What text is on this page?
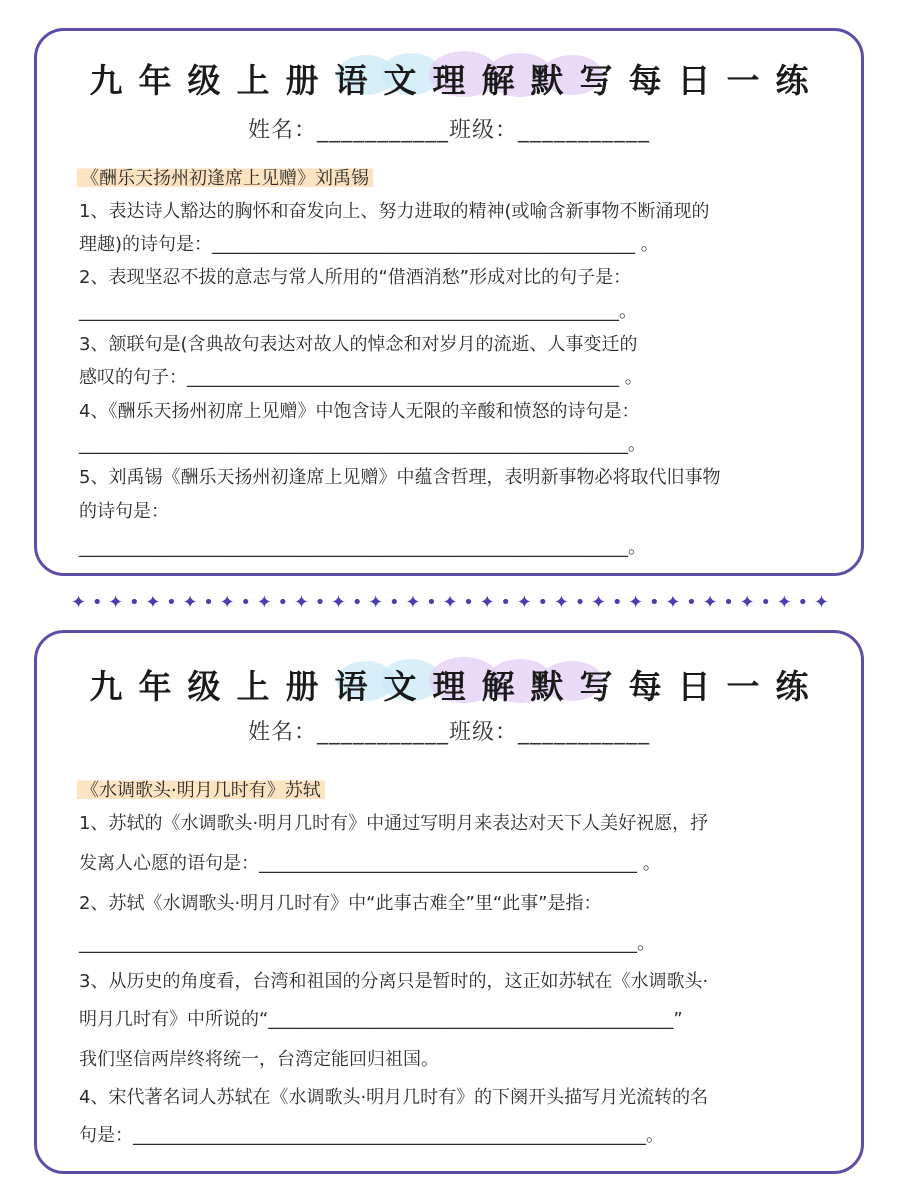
九年级上册语文理解默写每日一练
姓名：___________班级：___________
《酬乐天扬州初逢席上见赠》刘禹锡
1、表达诗人豁达的胸怀和奋发向上、努力进取的精神(或喻含新事物不断涌现的
理趣)的诗句是：_______________________________________________ 。
2、表现坚忍不拔的意志与常人所用的“借酒消愁”形成对比的句子是：
____________________________________________________________。
3、颔联句是(含典故句表达对故人的悼念和对岁月的流逝、人事变迁的
感叹的句子：________________________________________________ 。
4、《酬乐天扬州初席上见赠》中饱含诗人无限的辛酸和愤怒的诗句是：
_____________________________________________________________。
5、刘禹锡《酬乐天扬州初逢席上见赠》中蕴含哲理，表明新事物必将取代旧事物
的诗句是：
_____________________________________________________________。
✦ • ✦ • ✦ • ✦ • ✦ • ✦ • ✦ • ✦ • ✦ • ✦ • ✦ • ✦ • ✦ • ✦ • ✦ • ✦ • ✦ • ✦ • ✦ • ✦ • ✦
九年级上册语文理解默写每日一练
姓名：___________班级：___________
《水调歌头·明月几时有》苏轼
1、苏轼的《水调歌头·明月几时有》中通过写明月来表达对天下人美好祝愿，抒
发离人心愿的语句是：__________________________________________ 。
2、苏轼《水调歌头·明月几时有》中“此事古难全”里“此事”是指：
______________________________________________________________。
3、从历史的角度看，台湾和祖国的分离只是暂时的，这正如苏轼在《水调歌头·
明月几时有》中所说的“_____________________________________________”
我们坚信两岸终将统一，台湾定能回归祖国。
4、宋代著名词人苏轼在《水调歌头·明月几时有》的下阕开头描写月光流转的名
句是：_________________________________________________________。
